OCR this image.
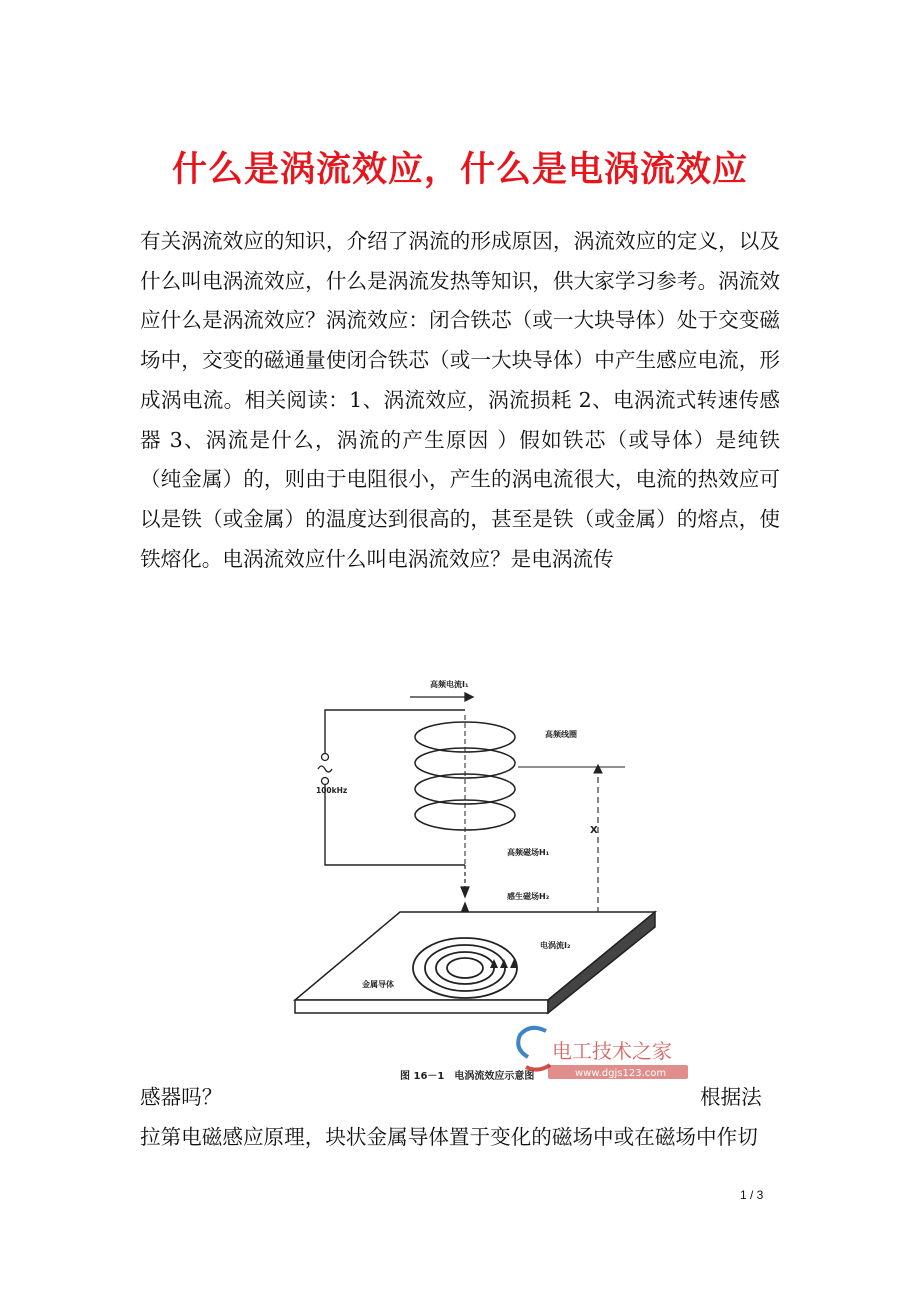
什么是涡流效应，什么是电涡流效应

有关涡流效应的知识，介绍了涡流的形成原因，涡流效应的定义，以及什么叫电涡流效应，什么是涡流发热等知识，供大家学习参考。涡流效应什么是涡流效应？涡流效应：闭合铁芯（或一大块导体）处于交变磁场中，交变的磁通量使闭合铁芯（或一大块导体）中产生感应电流，形成涡电流。相关阅读：1、涡流效应，涡流损耗 2、电涡流式转速传感器 3、涡流是什么，涡流的产生原因 ）假如铁芯（或导体）是纯铁（纯金属）的，则由于电阻很小，产生的涡电流很大，电流的热效应可以是铁（或金属）的温度达到很高的，甚至是铁（或金属）的熔点，使铁熔化。电涡流效应什么叫电涡流效应？是电涡流传

100kHz
高频电流I₁
高频线圈
高频磁场H₁
感生磁场H₂
X
电涡流I₂
金属导体
图 16－1　电涡流效应示意图
电工技术之家
www.dgjs123.com

感器吗？	根据法

拉第电磁感应原理，块状金属导体置于变化的磁场中或在磁场中作切

1 / 3
